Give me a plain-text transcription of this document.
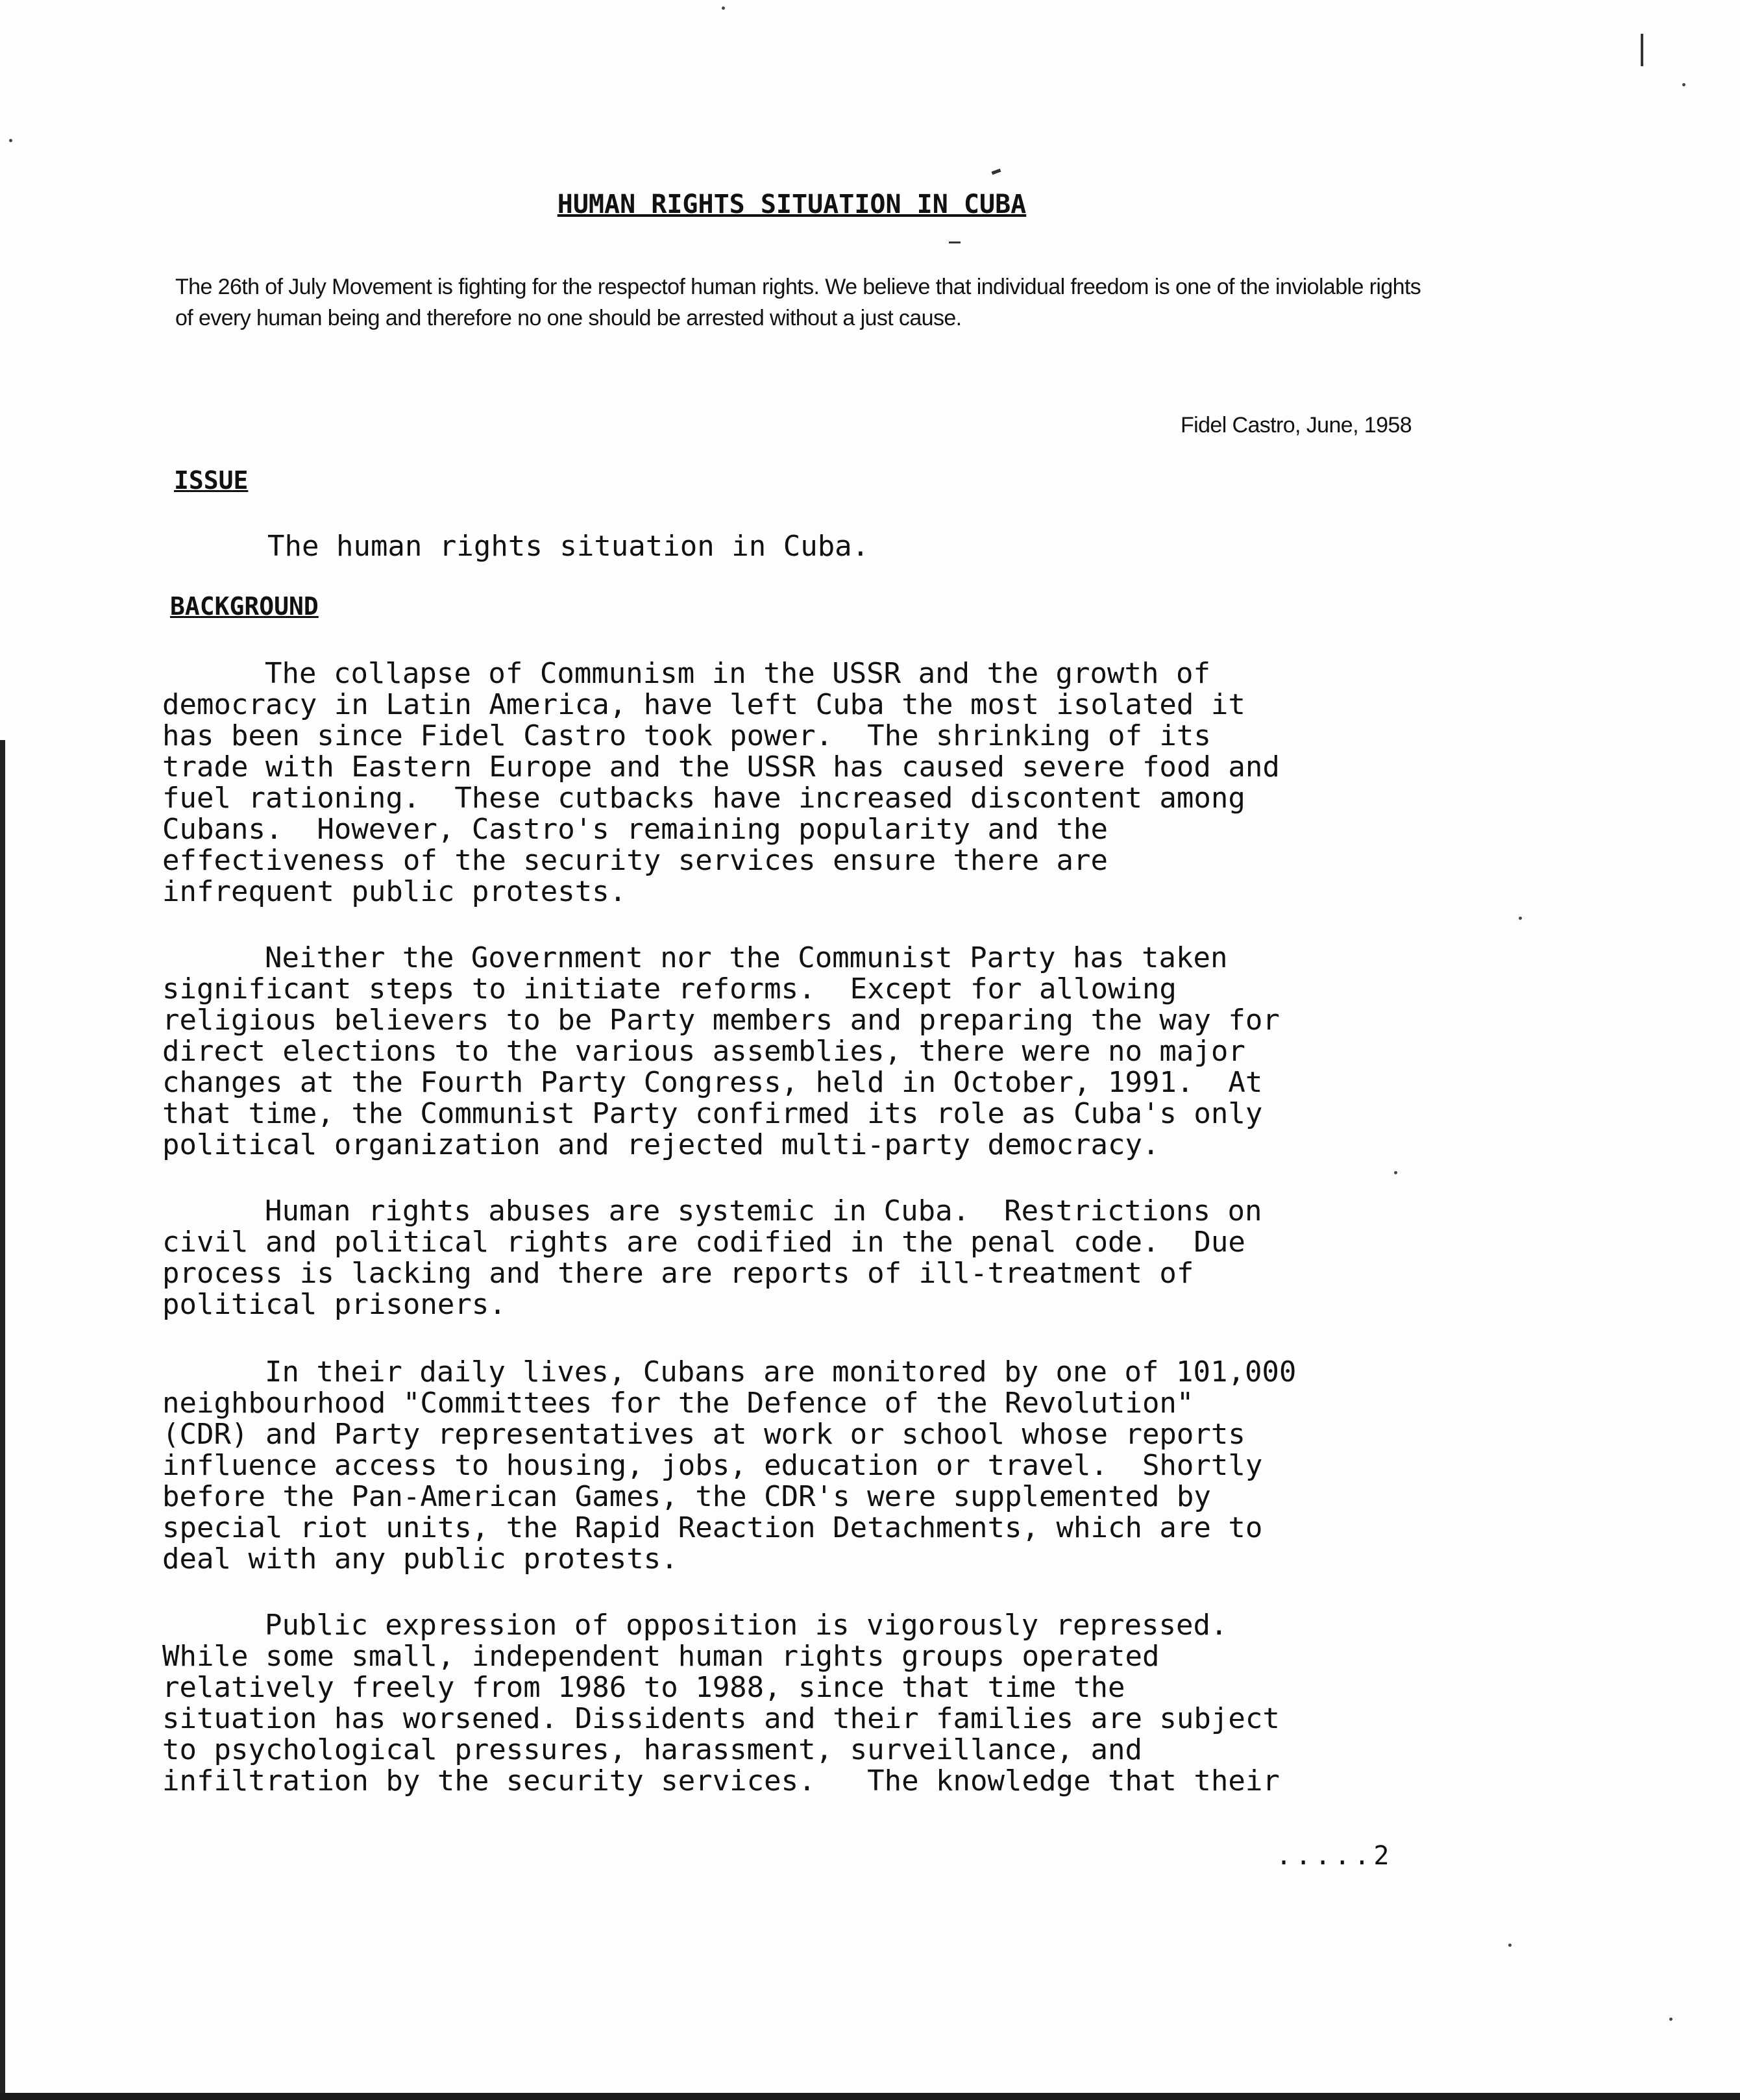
HUMAN RIGHTS SITUATION IN CUBA
The 26th of July Movement is fighting for the respectof human rights. We believe that individual freedom is one of the inviolable rights of every human being and therefore no one should be arrested without a just cause.
Fidel Castro, June, 1958
ISSUE
The human rights situation in Cuba.
BACKGROUND
The collapse of Communism in the USSR and the growth of
democracy in Latin America, have left Cuba the most isolated it
has been since Fidel Castro took power.  The shrinking of its
trade with Eastern Europe and the USSR has caused severe food and
fuel rationing.  These cutbacks have increased discontent among
Cubans.  However, Castro's remaining popularity and the
effectiveness of the security services ensure there are
infrequent public protests.
Neither the Government nor the Communist Party has taken
significant steps to initiate reforms.  Except for allowing
religious believers to be Party members and preparing the way for
direct elections to the various assemblies, there were no major
changes at the Fourth Party Congress, held in October, 1991.  At
that time, the Communist Party confirmed its role as Cuba's only
political organization and rejected multi-party democracy.
Human rights abuses are systemic in Cuba.  Restrictions on
civil and political rights are codified in the penal code.  Due
process is lacking and there are reports of ill-treatment of
political prisoners.
In their daily lives, Cubans are monitored by one of 101,000
neighbourhood "Committees for the Defence of the Revolution"
(CDR) and Party representatives at work or school whose reports
influence access to housing, jobs, education or travel.  Shortly
before the Pan-American Games, the CDR's were supplemented by
special riot units, the Rapid Reaction Detachments, which are to
deal with any public protests.
Public expression of opposition is vigorously repressed.
While some small, independent human rights groups operated
relatively freely from 1986 to 1988, since that time the
situation has worsened. Dissidents and their families are subject
to psychological pressures, harassment, surveillance, and
infiltration by the security services.   The knowledge that their
.....2
